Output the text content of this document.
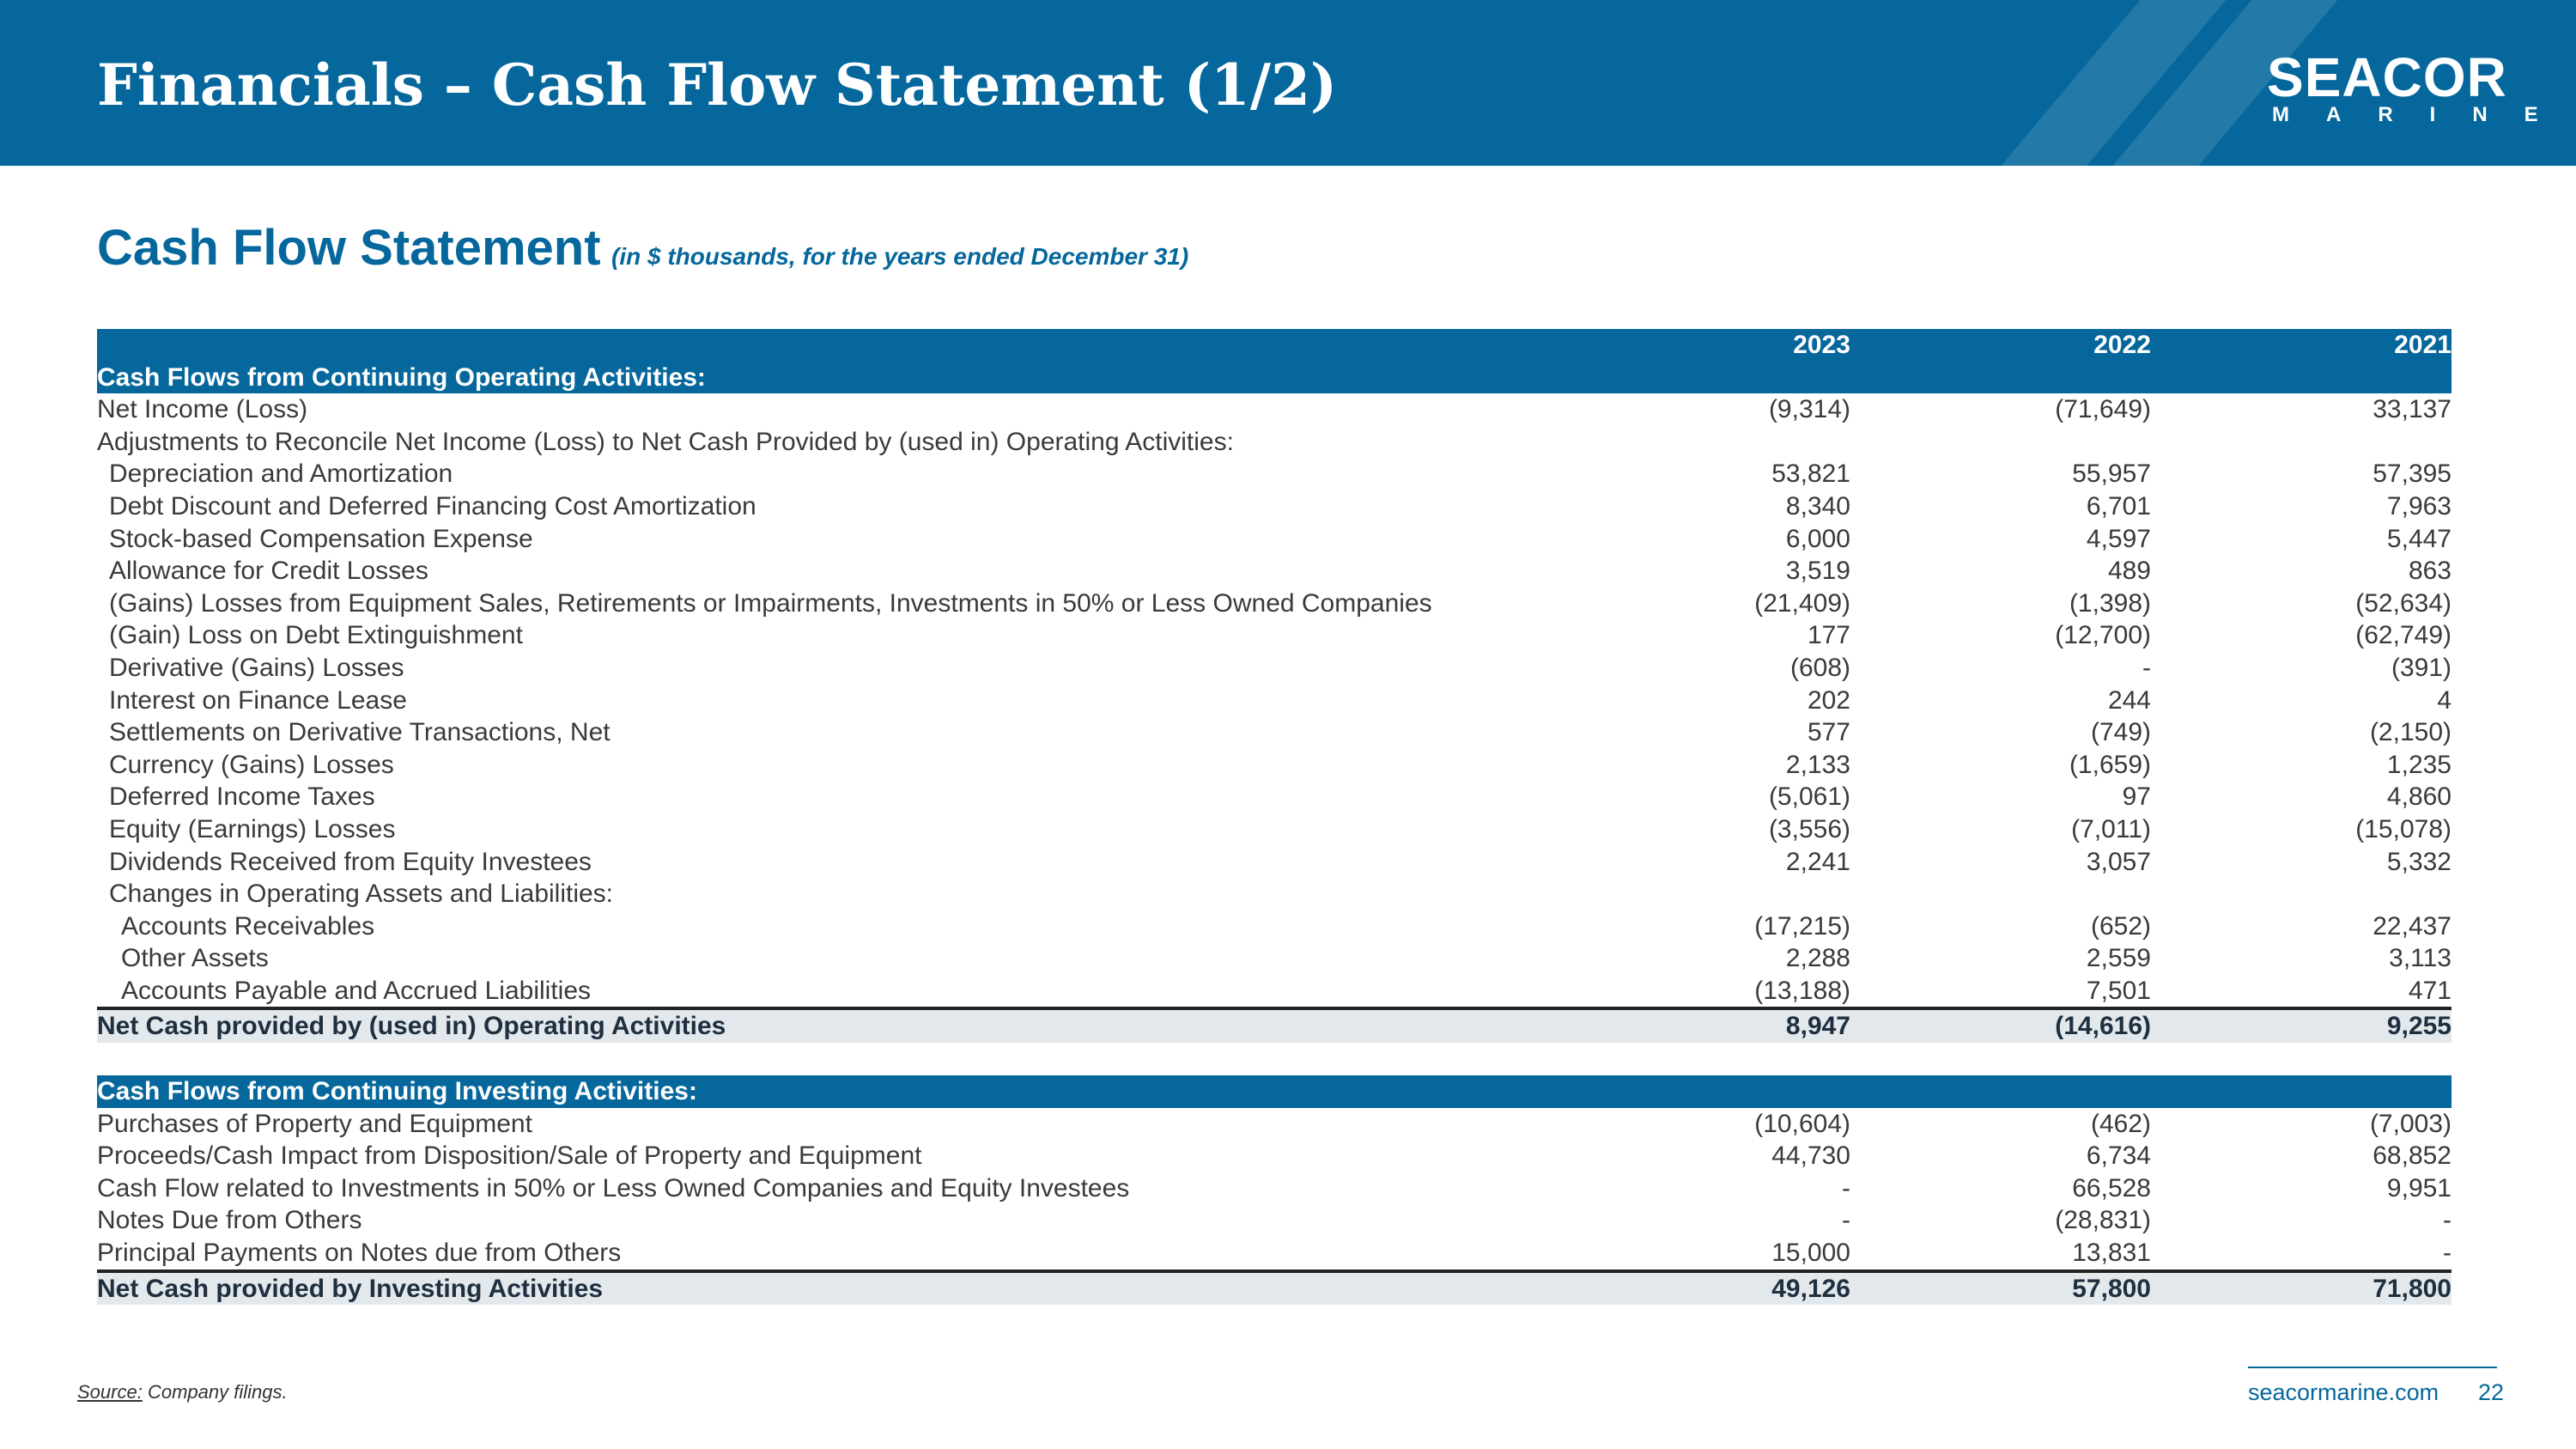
Financials – Cash Flow Statement (1/2)	SEACOR
MARINE
Cash Flow Statement (in $ thousands, for the years ended December 31)
2023	2022	2021
Cash Flows from Continuing Operating Activities:
Net Income (Loss)	(9,314)	(71,649)	33,137
Adjustments to Reconcile Net Income (Loss) to Net Cash Provided by (used in) Operating Activities:
Depreciation and Amortization	53,821	55,957	57,395
Debt Discount and Deferred Financing Cost Amortization	8,340	6,701	7,963
Stock-based Compensation Expense	6,000	4,597	5,447
Allowance for Credit Losses	3,519	489	863
(Gains) Losses from Equipment Sales, Retirements or Impairments, Investments in 50% or Less Owned Companies	(21,409)	(1,398)	(52,634)
(Gain) Loss on Debt Extinguishment	177	(12,700)	(62,749)
Derivative (Gains) Losses	(608)	-	(391)
Interest on Finance Lease	202	244	4
Settlements on Derivative Transactions, Net	577	(749)	(2,150)
Currency (Gains) Losses	2,133	(1,659)	1,235
Deferred Income Taxes	(5,061)	97	4,860
Equity (Earnings) Losses	(3,556)	(7,011)	(15,078)
Dividends Received from Equity Investees	2,241	3,057	5,332
Changes in Operating Assets and Liabilities:
Accounts Receivables	(17,215)	(652)	22,437
Other Assets	2,288	2,559	3,113
Accounts Payable and Accrued Liabilities	(13,188)	7,501	471
Net Cash provided by (used in) Operating Activities	8,947	(14,616)	9,255
Cash Flows from Continuing Investing Activities:
Purchases of Property and Equipment	(10,604)	(462)	(7,003)
Proceeds/Cash Impact from Disposition/Sale of Property and Equipment	44,730	6,734	68,852
Cash Flow related to Investments in 50% or Less Owned Companies and Equity Investees	-	66,528	9,951
Notes Due from Others	-	(28,831)	-
Principal Payments on Notes due from Others	15,000	13,831	-
Net Cash provided by Investing Activities	49,126	57,800	71,800
Source: Company filings.	seacormarine.com 22
